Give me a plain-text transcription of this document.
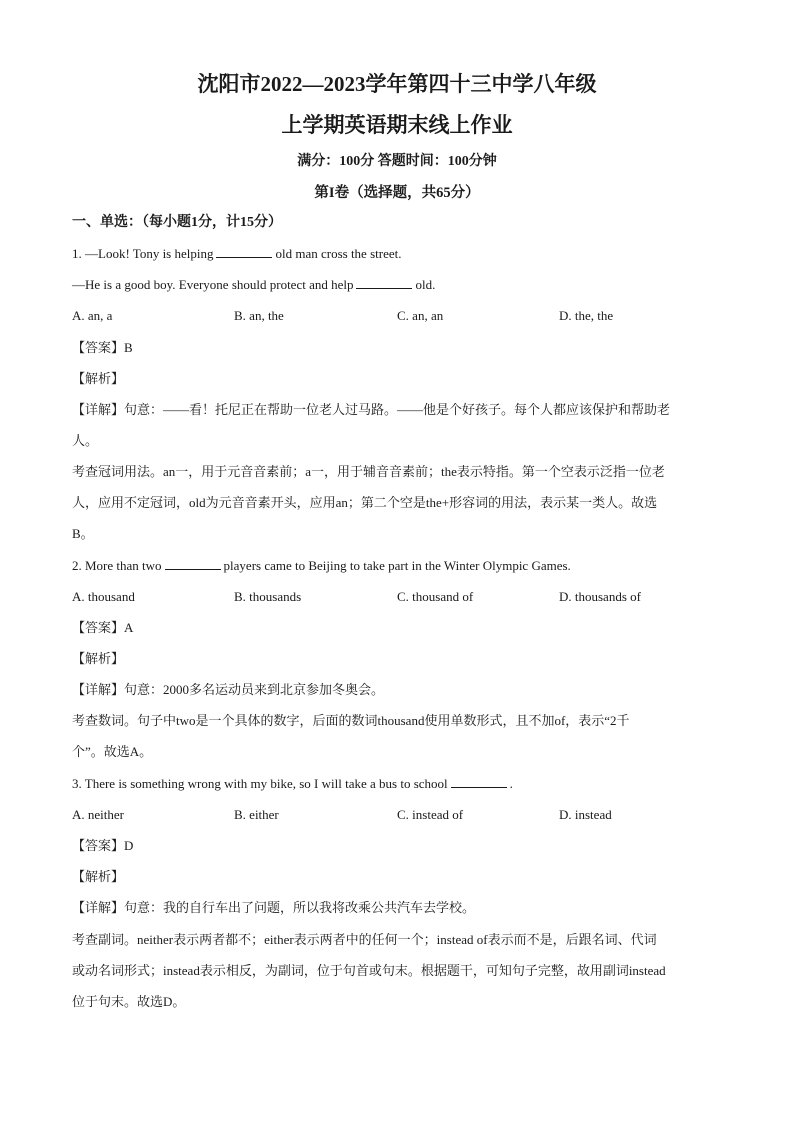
沈阳市2022—2023学年第四十三中学八年级
上学期英语期末线上作业
满分：100分 答题时间：100分钟
第I卷（选择题，共65分）
一、单选：（每小题1分，计15分）
1. —Look! Tony is helping	old man cross the street.
—He is a good boy. Everyone should protect and help	old.
A. an, a	B. an, the	C. an, an	D. the, the
【答案】B
【解析】
【详解】句意：——看！托尼正在帮助一位老人过马路。——他是个好孩子。每个人都应该保护和帮助老
人。
考查冠词用法。an一，用于元音音素前；a一，用于辅音音素前；the表示特指。第一个空表示泛指一位老
人，应用不定冠词，old为元音音素开头，应用an；第二个空是the+形容词的用法，表示某一类人。故选
B。
2. More than two	players came to Beijing to take part in the Winter Olympic Games.
A. thousand	B. thousands	C. thousand of	D. thousands of
【答案】A
【解析】
【详解】句意：2000多名运动员来到北京参加冬奥会。
考查数词。句子中two是一个具体的数字，后面的数词thousand使用单数形式，且不加of，表示“2千
个”。故选A。
3. There is something wrong with my bike, so I will take a bus to school	.
A. neither	B. either	C. instead of	D. instead
【答案】D
【解析】
【详解】句意：我的自行车出了问题，所以我将改乘公共汽车去学校。
考查副词。neither表示两者都不；either表示两者中的任何一个；instead of表示而不是，后跟名词、代词
或动名词形式；instead表示相反，为副词，位于句首或句末。根据题干，可知句子完整，故用副词instead
位于句末。故选D。
